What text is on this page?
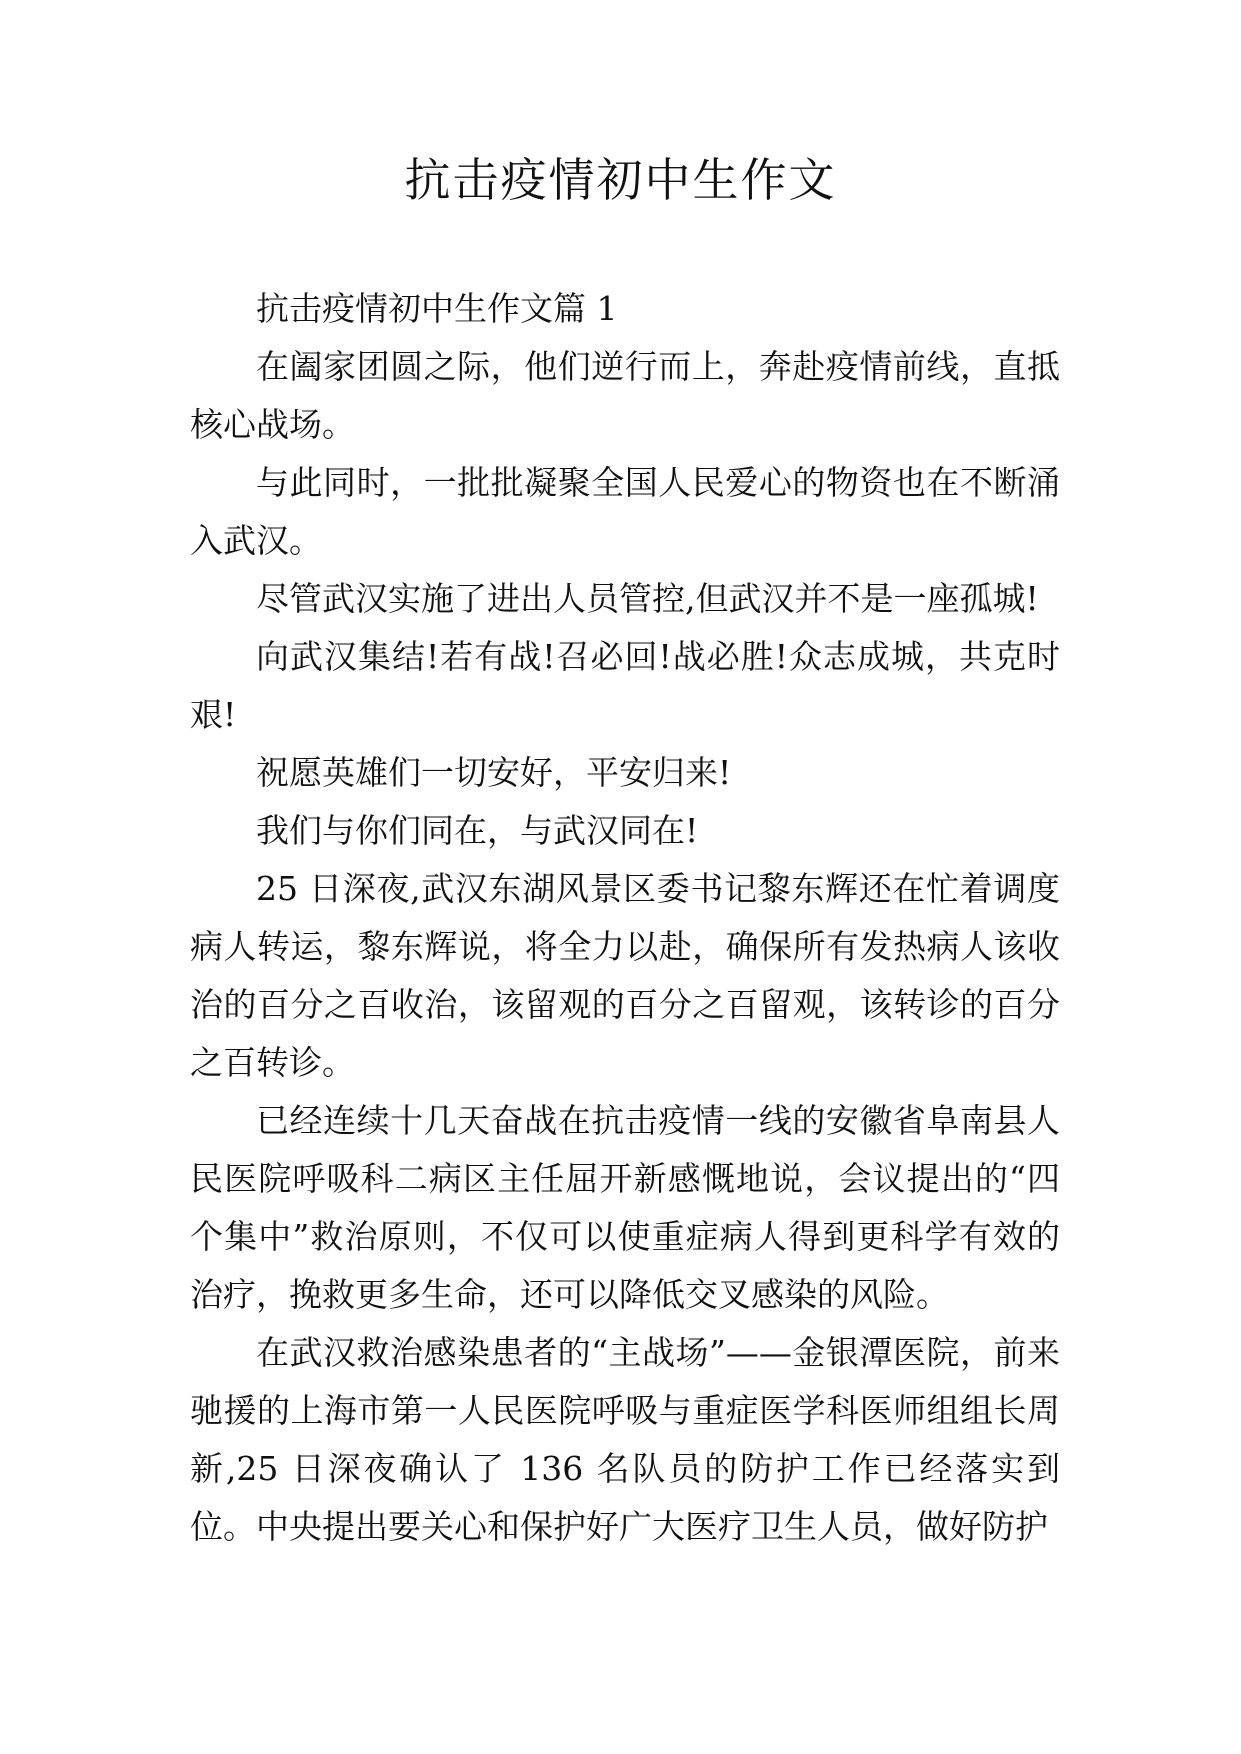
抗击疫情初中生作文

抗击疫情初中生作文篇 1

在阖家团圆之际，他们逆行而上，奔赴疫情前线，直抵核心战场。

与此同时，一批批凝聚全国人民爱心的物资也在不断涌入武汉。

尽管武汉实施了进出人员管控,但武汉并不是一座孤城!

向武汉集结!若有战!召必回!战必胜!众志成城，共克时艰!

祝愿英雄们一切安好，平安归来!

我们与你们同在，与武汉同在!

25 日深夜,武汉东湖风景区委书记黎东辉还在忙着调度病人转运，黎东辉说，将全力以赴，确保所有发热病人该收治的百分之百收治，该留观的百分之百留观，该转诊的百分之百转诊。

已经连续十几天奋战在抗击疫情一线的安徽省阜南县人民医院呼吸科二病区主任屈开新感慨地说，会议提出的“四个集中”救治原则，不仅可以使重症病人得到更科学有效的治疗，挽救更多生命，还可以降低交叉感染的风险。

在武汉救治感染患者的“主战场”——金银潭医院，前来驰援的上海市第一人民医院呼吸与重症医学科医师组组长周新,25 日深夜确认了 136 名队员的防护工作已经落实到位。中央提出要关心和保护好广大医疗卫生人员，做好防护
